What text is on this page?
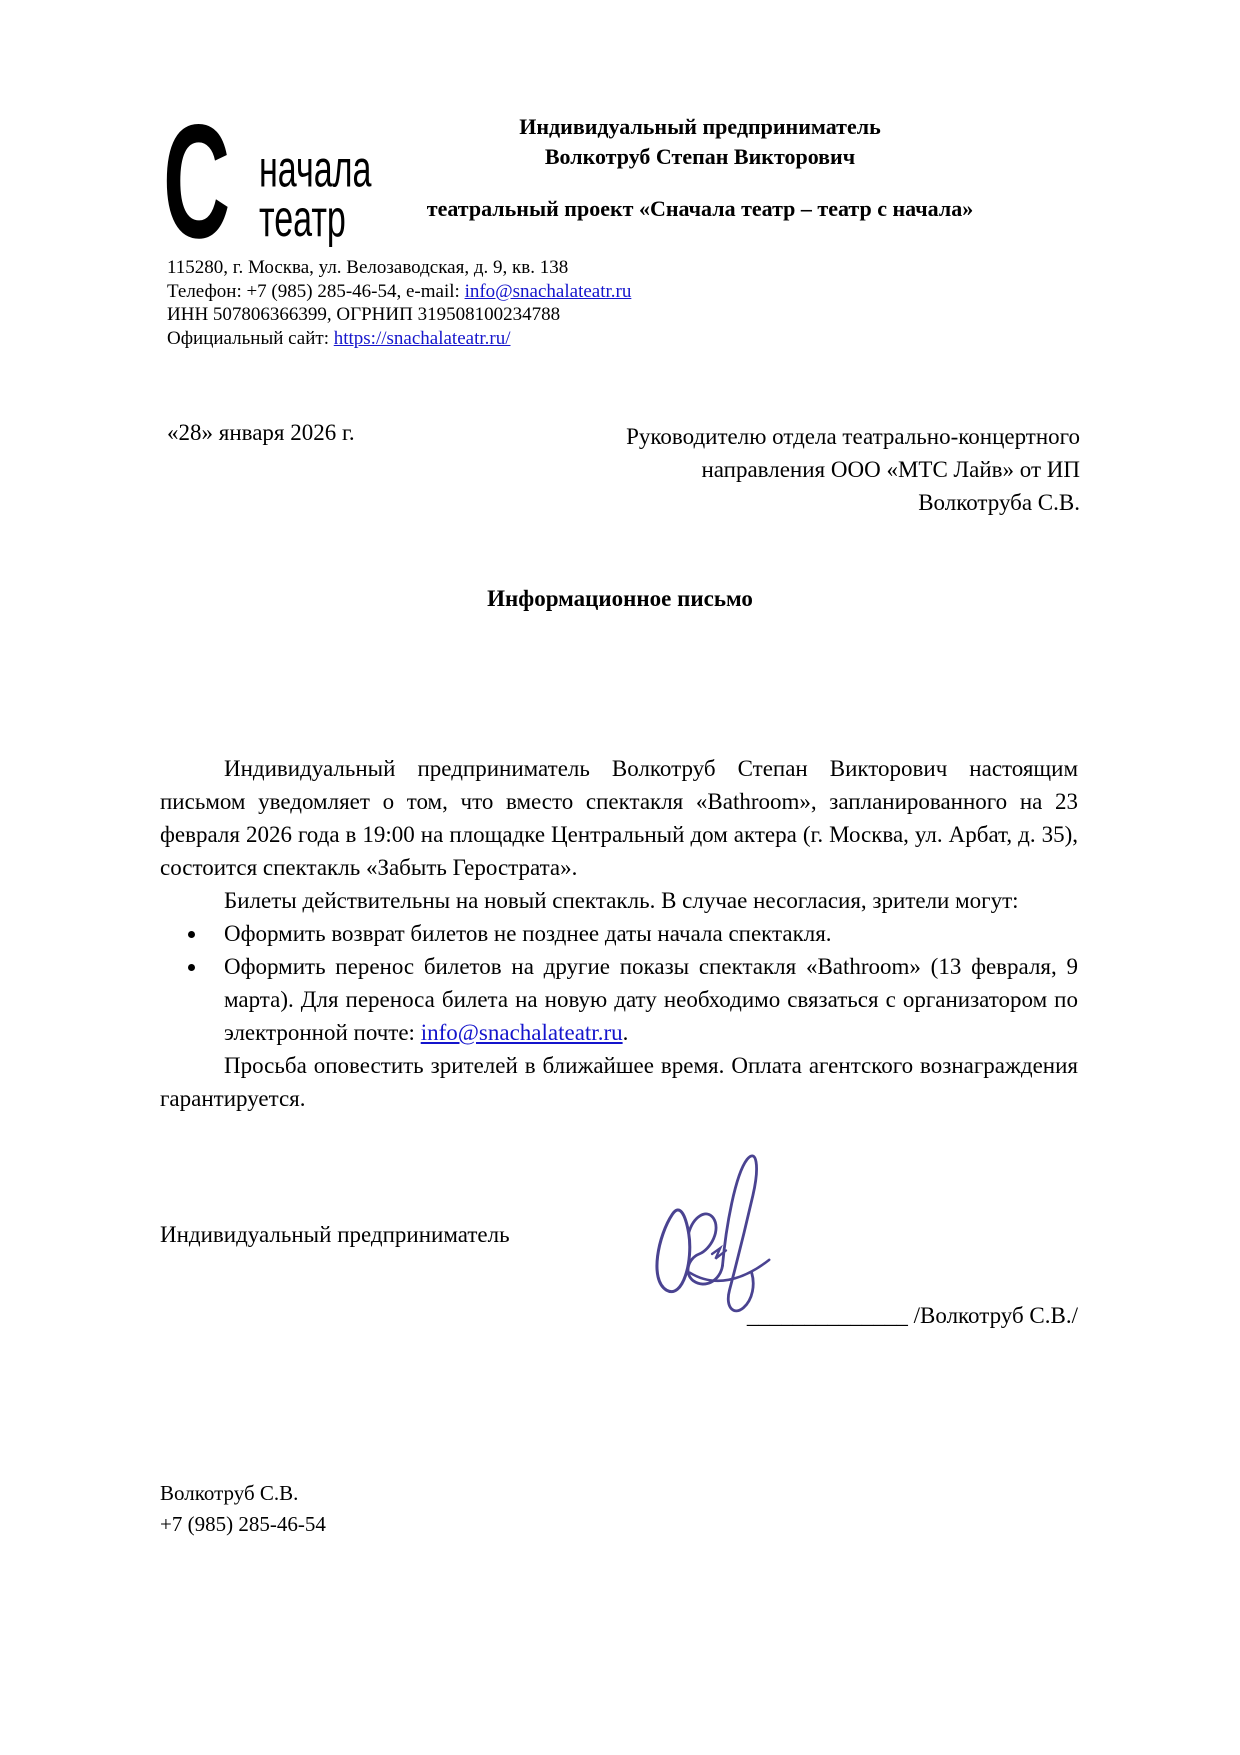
С начала
театр
Индивидуальный предприниматель
Волкотруб Степан Викторович
театральный проект «Сначала театр – театр с начала»
115280, г. Москва, ул. Велозаводская, д. 9, кв. 138
Телефон: +7 (985) 285-46-54, e-mail: info@snachalateatr.ru
ИНН 507806366399, ОГРНИП 319508100234788
Официальный сайт: https://snachalateatr.ru/
«28» января 2026 г.	Руководителю отдела театрально-концертного
направления ООО «МТС Лайв» от ИП
Волкотруба С.В.
Информационное письмо

Индивидуальный предприниматель Волкотруб Степан Викторович настоящим письмом уведомляет о том, что вместо спектакля «Bathroom», запланированного на 23 февраля 2026 года в 19:00 на площадке Центральный дом актера (г. Москва, ул. Арбат, д. 35), состоится спектакль «Забыть Герострата».

Билеты действительны на новый спектакль. В случае несогласия, зрители могут:

• Оформить возврат билетов не позднее даты начала спектакля.
• Оформить перенос билетов на другие показы спектакля «Bathroom» (13 февраля, 9 марта). Для переноса билета на новую дату необходимо связаться с организатором по электронной почте: info@snachalateatr.ru.

Просьба оповестить зрителей в ближайшее время. Оплата агентского вознаграждения гарантируется.

Индивидуальный предприниматель
______________ /Волкотруб С.В./
Волкотруб С.В.
+7 (985) 285-46-54
